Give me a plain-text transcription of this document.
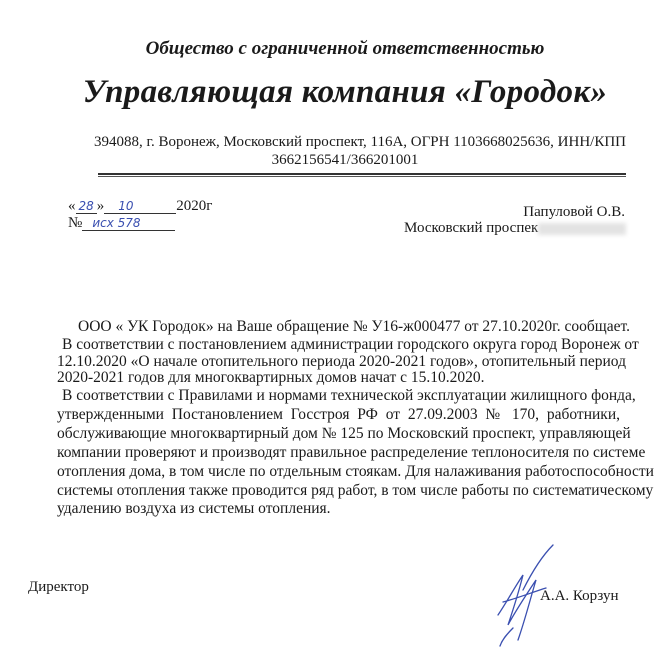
Общество с ограниченной ответственностью
Управляющая компания «Городок»
394088, г. Воронеж, Московский проспект, 116А, ОГРН 1103668025636, ИНН/КПП
3662156541/366201001
« 28 » 10	2020г
№ исх 578
Папуловой О.В.
Московский проспек
ООО « УК Городок» на Ваше обращение № У16-ж000477 от 27.10.2020г. сообщает.
В соответствии с постановлением администрации городского округа город Воронеж от
12.10.2020 «О начале отопительного периода 2020-2021 годов», отопительный период
2020-2021 годов для многоквартирных домов начат с 15.10.2020.
В соответствии с Правилами и нормами технической эксплуатации жилищного фонда,
утвержденными Постановлением Госстроя РФ от 27.09.2003 № 170, работники,
обслуживающие многоквартирный дом № 125 по Московский проспект, управляющей
компании проверяют и производят правильное распределение теплоносителя по системе
отопления дома, в том числе по отдельным стоякам. Для налаживания работоспособности
системы отопления также проводится ряд работ, в том числе работы по систематическому
удалению воздуха из системы отопления.
Директор
А.А. Корзун
